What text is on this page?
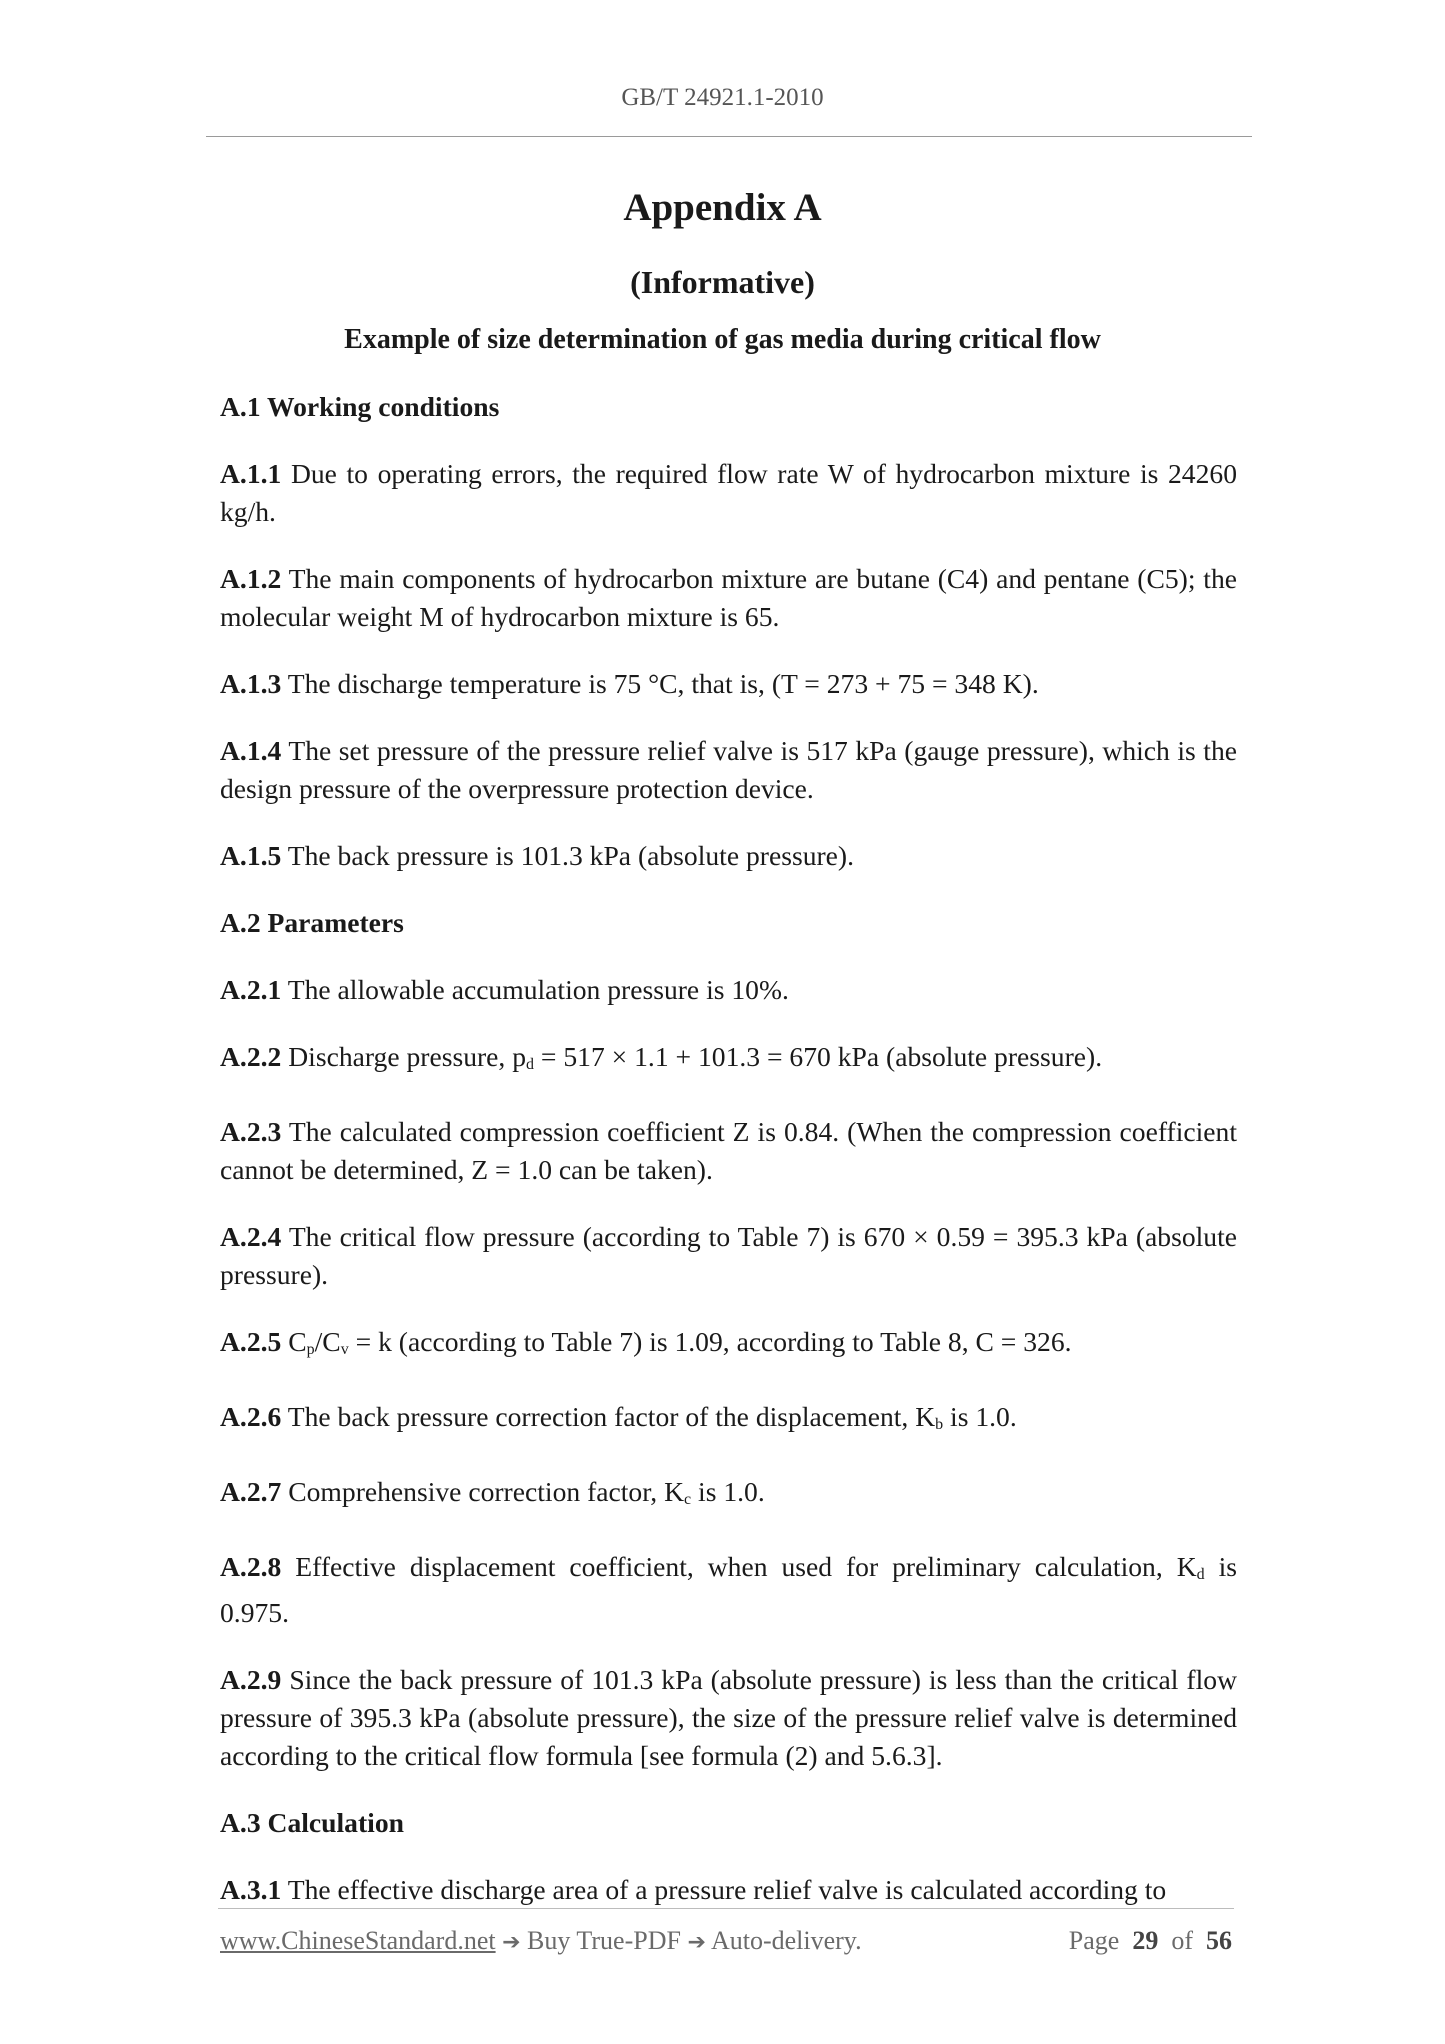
GB/T 24921.1-2010
Appendix A
(Informative)
Example of size determination of gas media during critical flow

A.1 Working conditions

A.1.1 Due to operating errors, the required flow rate W of hydrocarbon mixture is 24260 kg/h.

A.1.2 The main components of hydrocarbon mixture are butane (C4) and pentane (C5); the molecular weight M of hydrocarbon mixture is 65.

A.1.3 The discharge temperature is 75 °C, that is, (T = 273 + 75 = 348 K).

A.1.4 The set pressure of the pressure relief valve is 517 kPa (gauge pressure), which is the design pressure of the overpressure protection device.

A.1.5 The back pressure is 101.3 kPa (absolute pressure).

A.2 Parameters

A.2.1 The allowable accumulation pressure is 10%.

A.2.2 Discharge pressure, pd = 517 × 1.1 + 101.3 = 670 kPa (absolute pressure).

A.2.3 The calculated compression coefficient Z is 0.84. (When the compression coefficient cannot be determined, Z = 1.0 can be taken).

A.2.4 The critical flow pressure (according to Table 7) is 670 × 0.59 = 395.3 kPa (absolute pressure).

A.2.5 Cp/Cv = k (according to Table 7) is 1.09, according to Table 8, C = 326.

A.2.6 The back pressure correction factor of the displacement, Kb is 1.0.

A.2.7 Comprehensive correction factor, Kc is 1.0.

A.2.8 Effective displacement coefficient, when used for preliminary calculation, Kd is 0.975.

A.2.9 Since the back pressure of 101.3 kPa (absolute pressure) is less than the critical flow pressure of 395.3 kPa (absolute pressure), the size of the pressure relief valve is determined according to the critical flow formula [see formula (2) and 5.6.3].

A.3 Calculation

A.3.1 The effective discharge area of a pressure relief valve is calculated according to

www.ChineseStandard.net ➔ Buy True-PDF ➔ Auto-delivery.	Page 29 of 56
